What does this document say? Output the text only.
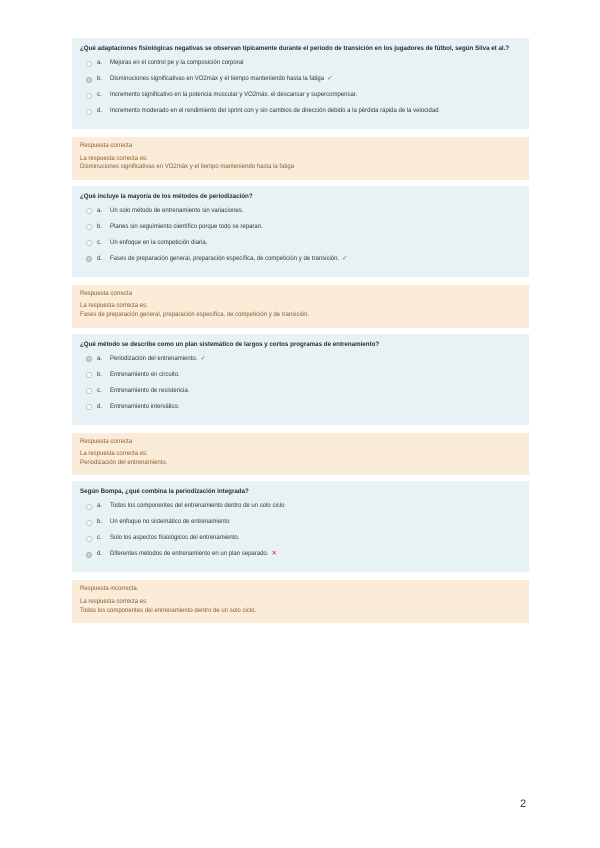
¿Qué adaptaciones fisiológicas negativas se observan típicamente durante el período de transición en los jugadores de fútbol, según Silva et al.?
a.	Mejoras en el control pe y la composición corporal
b.	Disminuciones significativas en VO2máx y el tiempo manteniendo hasta la fatiga ✓
c.	Incremento significativo en la potencia muscular y VO2máx. el descansar y supercompensar.
d.	Incremento moderado en el rendimiento del sprint con y sin cambios de dirección debido a la pérdida rápida de la velocidad
Respuesta correcta
La respuesta correcta es:
Disminuciones significativas en VO2máx y el tiempo manteniendo hasta la fatiga
¿Qué incluye la mayoría de los métodos de periodización?
a.	Un solo método de entrenamiento sin variaciones.
b.	Planes sin seguimiento científico porque todo se reparan.
c.	Un enfoque en la competición diaria.
d.	Fases de preparación general, preparación específica, de competición y de transición. ✓
Respuesta correcta
La respuesta correcta es:
Fases de preparación general, preparación específica, de competición y de transición.
¿Qué método se describe como un plan sistemático de largos y cortos programas de entrenamiento?
a.	Periodización del entrenamiento. ✓
b.	Entrenamiento en circuito.
c.	Entrenamiento de resistencia.
d.	Entrenamiento interválico.
Respuesta correcta
La respuesta correcta es:
Periodización del entrenamiento.
Según Bompa, ¿qué combina la periodización integrada?
a.	Todos los componentes del entrenamiento dentro de un solo ciclo
b.	Un enfoque no sistemático de entrenamiento
c.	Solo los aspectos fisiológicos del entrenamiento.
d.	Diferentes métodos de entrenamiento en un plan separado. ✕
Respuesta incorrecta.
La respuesta correcta es:
Todos los componentes del entrenamiento dentro de un solo ciclo.
2
